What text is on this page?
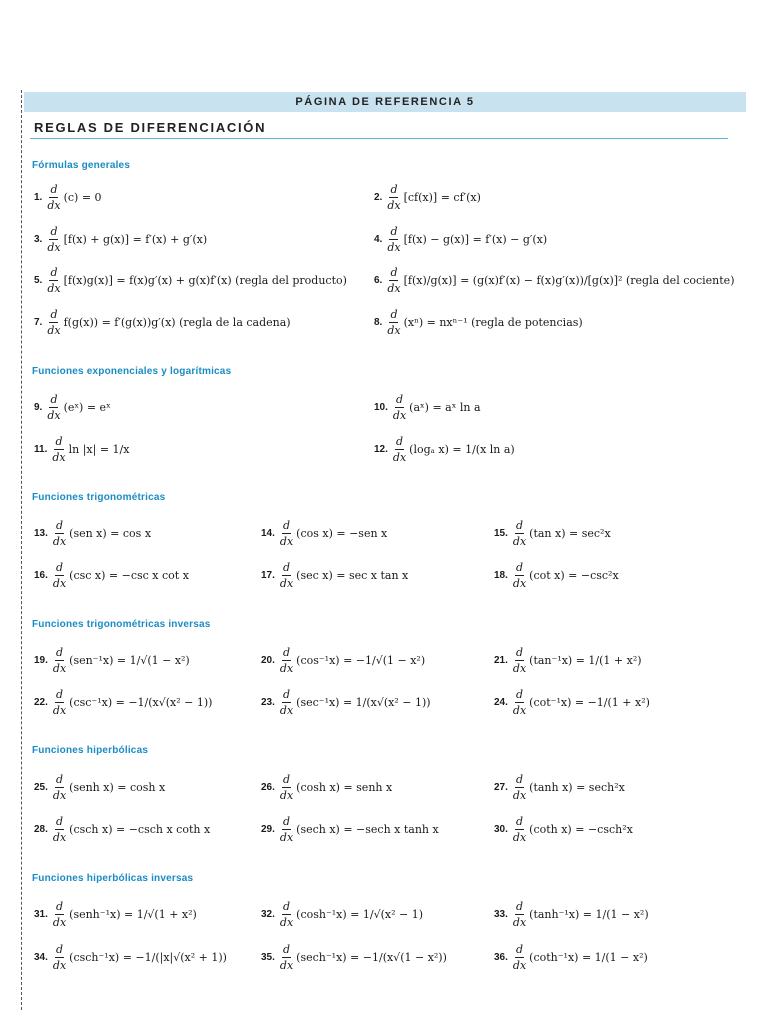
PÁGINA DE REFERENCIA 5
REGLAS DE DIFERENCIACIÓN
Fórmulas generales
1.
d
dx
(c) = 0	2.
d
dx
[cf(x)] = cf′(x)
3.
d
dx
[f(x) + g(x)] = f′(x) + g′(x)	4.
d
dx
[f(x) − g(x)] = f′(x) − g′(x)
5.
d
dx
[f(x)g(x)] = f(x)g′(x) + g(x)f′(x) (regla del producto)	6.
d
dx
[f(x)/g(x)] = (g(x)f′(x) − f(x)g′(x))/[g(x)]² (regla del cociente)
7.
d
dx
f(g(x)) = f′(g(x))g′(x) (regla de la cadena)	8.
d
dx
(xⁿ) = nxⁿ⁻¹ (regla de potencias)
Funciones exponenciales y logarítmicas
9.
d
dx
(eˣ) = eˣ	10.
d
dx
(aˣ) = aˣ ln a
11.
d
dx
ln |x| = 1/x	12.
d
dx
(logₐ x) = 1/(x ln a)
Funciones trigonométricas
13.
d
dx
(sen x) = cos x	14.
d
dx
(cos x) = −sen x	15.
d
dx
(tan x) = sec²x
16.
d
dx
(csc x) = −csc x cot x	17.
d
dx
(sec x) = sec x tan x	18.
d
dx
(cot x) = −csc²x
Funciones trigonométricas inversas
19.
d
dx
(sen⁻¹x) = 1/√(1 − x²)	20.
d
dx
(cos⁻¹x) = −1/√(1 − x²)	21.
d
dx
(tan⁻¹x) = 1/(1 + x²)
22.
d
dx
(csc⁻¹x) = −1/(x√(x² − 1))	23.
d
dx
(sec⁻¹x) = 1/(x√(x² − 1))	24.
d
dx
(cot⁻¹x) = −1/(1 + x²)
Funciones hiperbólicas
25.
d
dx
(senh x) = cosh x	26.
d
dx
(cosh x) = senh x	27.
d
dx
(tanh x) = sech²x
28.
d
dx
(csch x) = −csch x coth x	29.
d
dx
(sech x) = −sech x tanh x	30.
d
dx
(coth x) = −csch²x
Funciones hiperbólicas inversas
31.
d
dx
(senh⁻¹x) = 1/√(1 + x²)	32.
d
dx
(cosh⁻¹x) = 1/√(x² − 1)	33.
d
dx
(tanh⁻¹x) = 1/(1 − x²)
34.
d
dx
(csch⁻¹x) = −1/(|x|√(x² + 1))	35.
d
dx
(sech⁻¹x) = −1/(x√(1 − x²))	36.
d
dx
(coth⁻¹x) = 1/(1 − x²)
